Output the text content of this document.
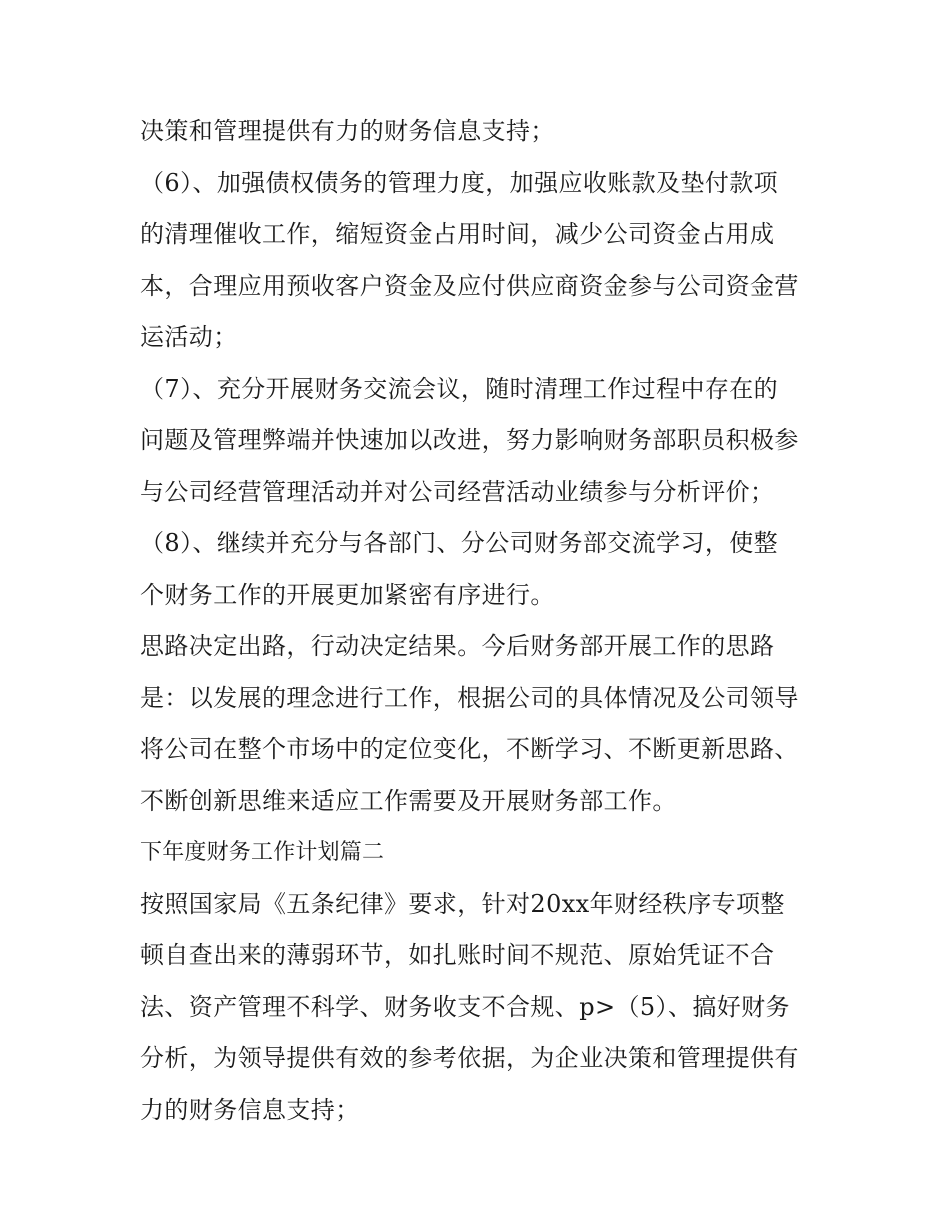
决策和管理提供有力的财务信息支持；
（6）、加强债权债务的管理力度，加强应收账款及垫付款项
的清理催收工作，缩短资金占用时间，减少公司资金占用成
本，合理应用预收客户资金及应付供应商资金参与公司资金营
运活动；
（7）、充分开展财务交流会议，随时清理工作过程中存在的
问题及管理弊端并快速加以改进，努力影响财务部职员积极参
与公司经营管理活动并对公司经营活动业绩参与分析评价；
（8）、继续并充分与各部门、分公司财务部交流学习，使整
个财务工作的开展更加紧密有序进行。
思路决定出路，行动决定结果。今后财务部开展工作的思路
是：以发展的理念进行工作，根据公司的具体情况及公司领导
将公司在整个市场中的定位变化，不断学习、不断更新思路、
不断创新思维来适应工作需要及开展财务部工作。
下年度财务工作计划篇二
按照国家局《五条纪律》要求，针对20xx年财经秩序专项整
顿自查出来的薄弱环节，如扎账时间不规范、原始凭证不合
法、资产管理不科学、财务收支不合规、p>（5）、搞好财务
分析，为领导提供有效的参考依据，为企业决策和管理提供有
力的财务信息支持；
